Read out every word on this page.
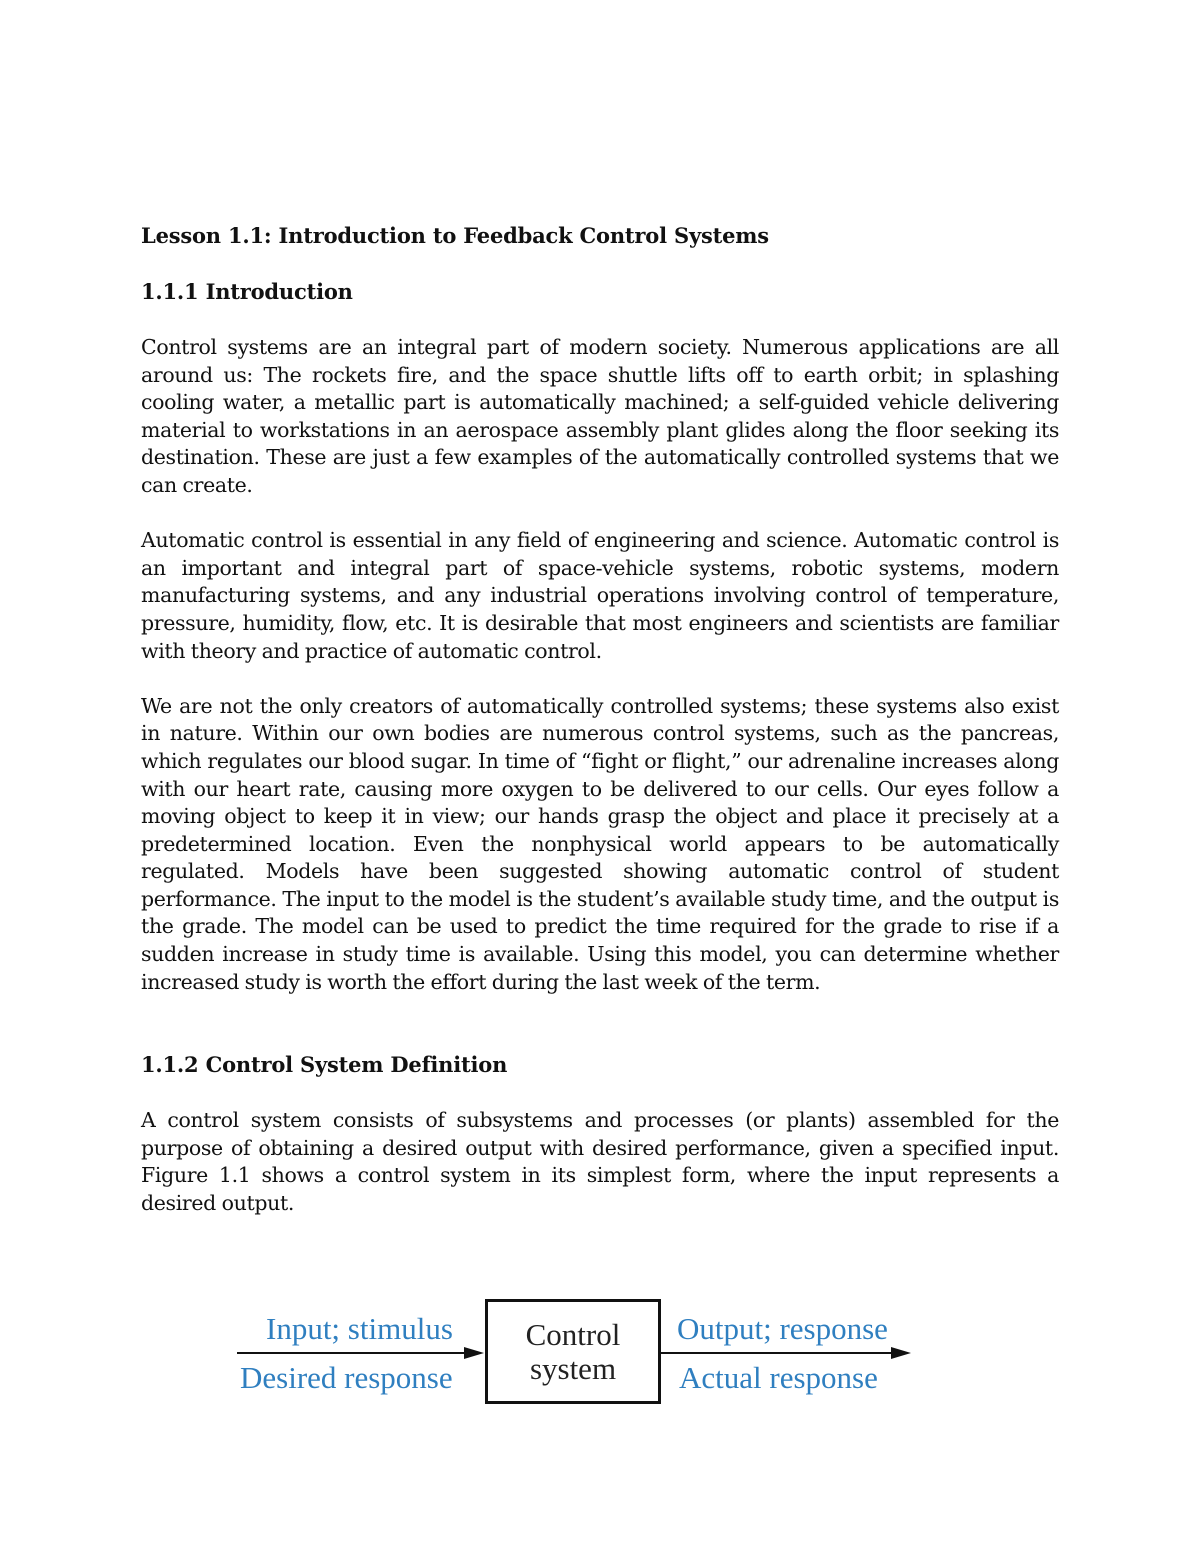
Lesson 1.1: Introduction to Feedback Control Systems
1.1.1 Introduction

Control systems are an integral part of modern society. Numerous applications are all around us: The rockets fire, and the space shuttle lifts off to earth orbit; in splashing cooling water, a metallic part is automatically machined; a self-guided vehicle delivering material to workstations in an aerospace assembly plant glides along the floor seeking its destination. These are just a few examples of the automatically controlled systems that we can create.

Automatic control is essential in any field of engineering and science. Automatic control is an important and integral part of space-vehicle systems, robotic systems, modern manufacturing systems, and any industrial operations involving control of temperature, pressure, humidity, flow, etc. It is desirable that most engineers and scientists are familiar with theory and practice of automatic control.

We are not the only creators of automatically controlled systems; these systems also exist in nature. Within our own bodies are numerous control systems, such as the pancreas, which regulates our blood sugar. In time of “fight or flight,” our adrenaline increases along with our heart rate, causing more oxygen to be delivered to our cells. Our eyes follow a moving object to keep it in view; our hands grasp the object and place it precisely at a predetermined location. Even the nonphysical world appears to be automatically regulated. Models have been suggested showing automatic control of student performance. The input to the model is the student’s available study time, and the output is the grade. The model can be used to predict the time required for the grade to rise if a sudden increase in study time is available. Using this model, you can determine whether increased study is worth the effort during the last week of the term.

1.1.2 Control System Definition

A control system consists of subsystems and processes (or plants) assembled for the purpose of obtaining a desired output with desired performance, given a specified input. Figure 1.1 shows a control system in its simplest form, where the input represents a desired output.

Input; stimulus
Desired response
Control
system
Output; response
Actual response
